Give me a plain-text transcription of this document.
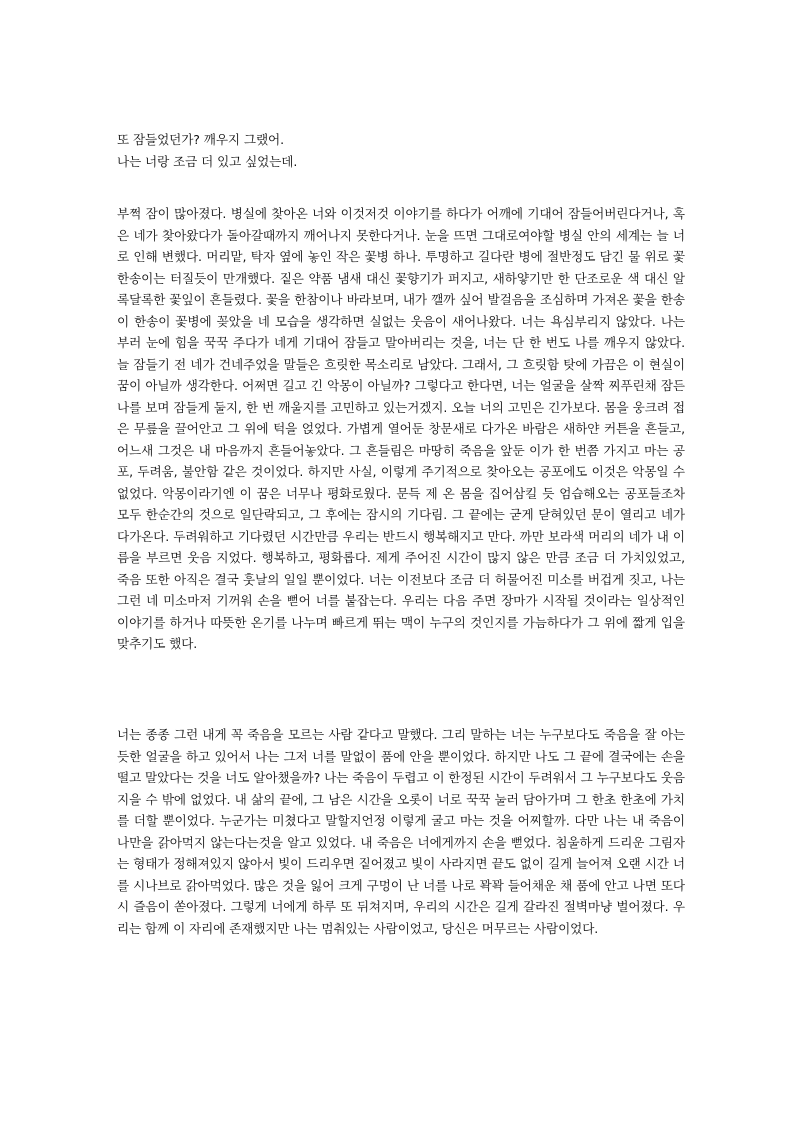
또 잠들었던가? 깨우지 그랬어.

나는 너랑 조금 더 있고 싶었는데.

부쩍 잠이 많아졌다. 병실에 찾아온 너와 이것저것 이야기를 하다가 어깨에 기대어 잠들어버린다거나, 혹은 네가 찾아왔다가 돌아갈때까지 깨어나지 못한다거나. 눈을 뜨면 그대로여야할 병실 안의 세계는 늘 너로 인해 변했다. 머리맡, 탁자 옆에 놓인 작은 꽃병 하나. 투명하고 길다란 병에 절반정도 담긴 물 위로 꽃 한송이는 터질듯이 만개했다. 짙은 약품 냄새 대신 꽃향기가 퍼지고, 새하얗기만 한 단조로운 색 대신 알록달록한 꽃잎이 흔들렸다. 꽃을 한참이나 바라보며, 내가 깰까 싶어 발걸음을 조심하며 가져온 꽃을 한송이 한송이 꽃병에 꽂았을 네 모습을 생각하면 실없는 웃음이 새어나왔다. 너는 욕심부리지 않았다. 나는 부러 눈에 힘을 꾹꾹 주다가 네게 기대어 잠들고 말아버리는 것을, 너는 단 한 번도 나를 깨우지 않았다. 늘 잠들기 전 네가 건네주었을 말들은 흐릿한 목소리로 남았다. 그래서, 그 흐릿함 탓에 가끔은 이 현실이 꿈이 아닐까 생각한다. 어쩌면 길고 긴 악몽이 아닐까? 그렇다고 한다면, 너는 얼굴을 살짝 찌푸린채 잠든 나를 보며 잠들게 둘지, 한 번 깨울지를 고민하고 있는거겠지. 오늘 너의 고민은 긴가보다. 몸을 웅크려 접은 무릎을 끌어안고 그 위에 턱을 얹었다. 가볍게 열어둔 창문새로 다가온 바람은 새하얀 커튼을 흔들고, 어느새 그것은 내 마음까지 흔들어놓았다. 그 흔들림은 마땅히 죽음을 앞둔 이가 한 번쯤 가지고 마는 공포, 두려움, 불안함 같은 것이었다. 하지만 사실, 이렇게 주기적으로 찾아오는 공포에도 이것은 악몽일 수 없었다. 악몽이라기엔 이 꿈은 너무나 평화로웠다. 문득 제 온 몸을 집어삼킬 듯 엄습해오는 공포들조차 모두 한순간의 것으로 일단락되고, 그 후에는 잠시의 기다림. 그 끝에는 굳게 닫혀있던 문이 열리고 네가 다가온다. 두려워하고 기다렸던 시간만큼 우리는 반드시 행복해지고 만다. 까만 보라색 머리의 네가 내 이름을 부르면 웃음 지었다. 행복하고, 평화롭다. 제게 주어진 시간이 많지 않은 만큼 조금 더 가치있었고, 죽음 또한 아직은 결국 훗날의 일일 뿐이었다. 너는 이전보다 조금 더 허물어진 미소를 버겁게 짓고, 나는 그런 네 미소마저 기꺼워 손을 뻗어 너를 붙잡는다. 우리는 다음 주면 장마가 시작될 것이라는 일상적인 이야기를 하거나 따뜻한 온기를 나누며 빠르게 뛰는 맥이 누구의 것인지를 가늠하다가 그 위에 짧게 입을 맞추기도 했다.

너는 종종 그런 내게 꼭 죽음을 모르는 사람 같다고 말했다. 그리 말하는 너는 누구보다도 죽음을 잘 아는듯한 얼굴을 하고 있어서 나는 그저 너를 말없이 품에 안을 뿐이었다. 하지만 나도 그 끝에 결국에는 손을 떨고 말았다는 것을 너도 알아챘을까? 나는 죽음이 두렵고 이 한정된 시간이 두려워서 그 누구보다도 웃음 지을 수 밖에 없었다. 내 삶의 끝에, 그 남은 시간을 오롯이 너로 꾹꾹 눌러 담아가며 그 한초 한초에 가치를 더할 뿐이었다. 누군가는 미쳤다고 말할지언정 이렇게 굴고 마는 것을 어찌할까. 다만 나는 내 죽음이 나만을 갉아먹지 않는다는것을 알고 있었다. 내 죽음은 너에게까지 손을 뻗었다. 침울하게 드리운 그림자는 형태가 정해져있지 않아서 빛이 드리우면 짙어졌고 빛이 사라지면 끝도 없이 길게 늘어져 오랜 시간 너를 시나브로 갉아먹었다. 많은 것을 잃어 크게 구멍이 난 너를 나로 꽉꽉 들어채운 채 품에 안고 나면 또다시 즐음이 쏟아졌다. 그렇게 너에게 하루 또 뒤쳐지며, 우리의 시간은 길게 갈라진 절벽마냥 벌어졌다. 우리는 함께 이 자리에 존재했지만 나는 멈춰있는 사람이었고, 당신은 머무르는 사람이었다.
